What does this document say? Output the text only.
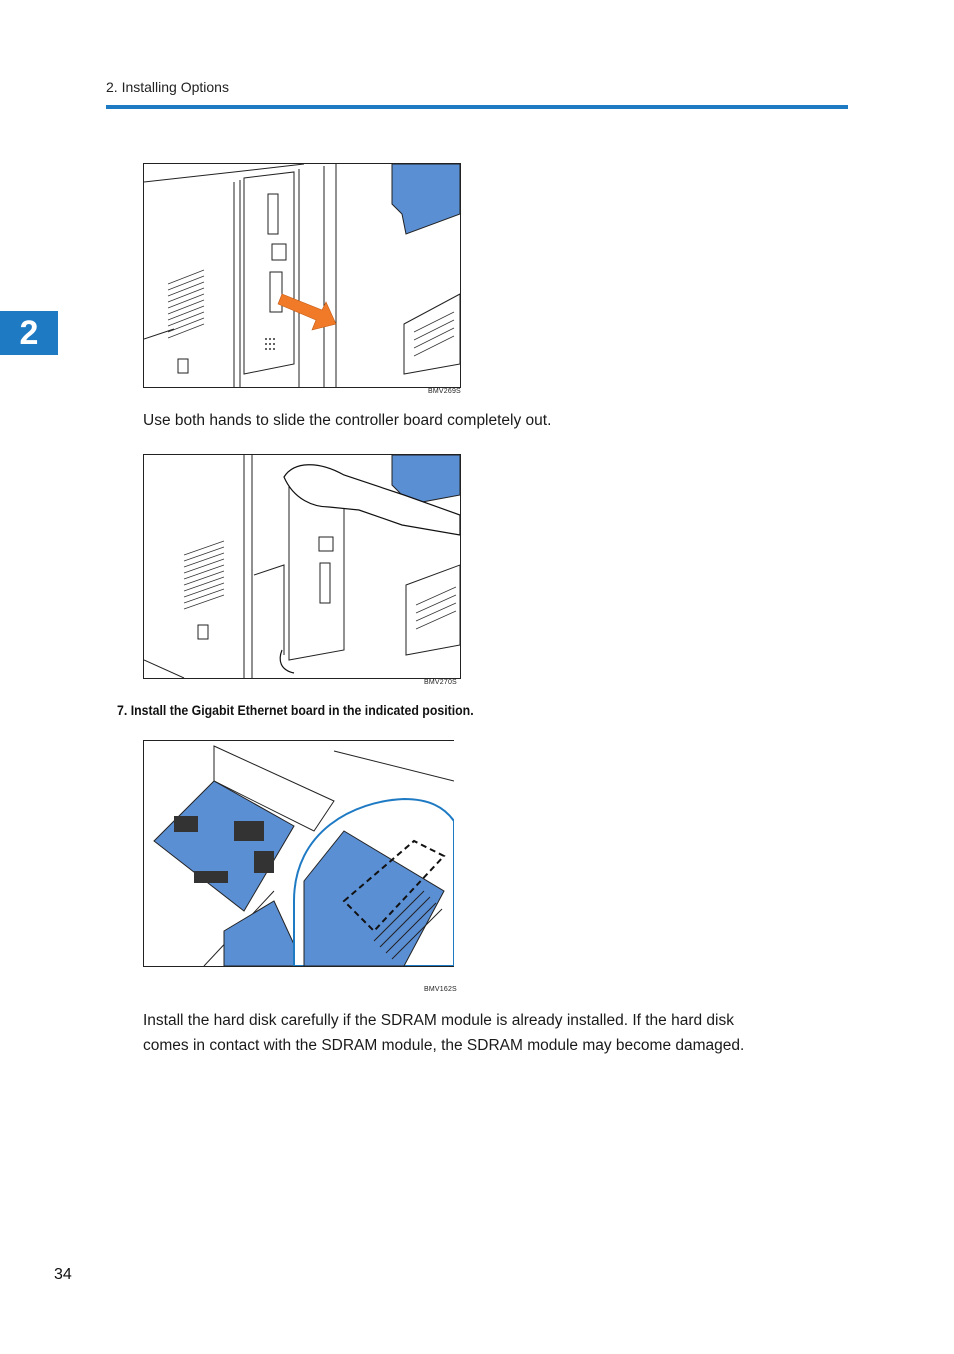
2. Installing Options
2
BMV269S
Use both hands to slide the controller board completely out.
BMV270S
7. Install the Gigabit Ethernet board in the indicated position.
BMV162S
Install the hard disk carefully if the SDRAM module is already installed. If the hard disk
comes in contact with the SDRAM module, the SDRAM module may become damaged.
34
